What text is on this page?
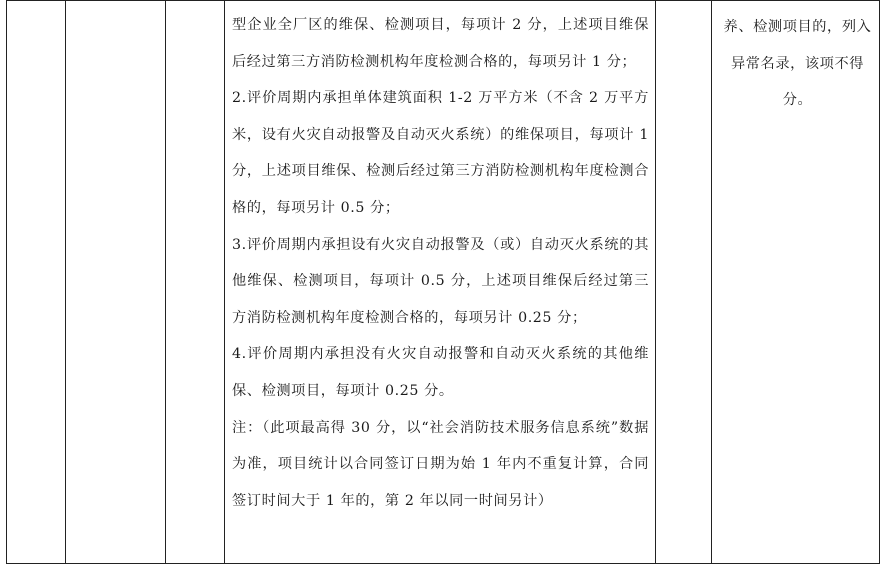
型企业全厂区的维保、检测项目，每项计 2 分，上述项目维保后经过第三方消防检测机构年度检测合格的，每项另计 1 分；

2.评价周期内承担单体建筑面积 1-2 万平方米（不含 2 万平方米，设有火灾自动报警及自动灭火系统）的维保项目，每项计 1 分，上述项目维保、检测后经过第三方消防检测机构年度检测合格的，每项另计 0.5 分；

3.评价周期内承担设有火灾自动报警及（或）自动灭火系统的其他维保、检测项目，每项计 0.5 分，上述项目维保后经过第三方消防检测机构年度检测合格的，每项另计 0.25 分；

4.评价周期内承担没有火灾自动报警和自动灭火系统的其他维保、检测项目，每项计 0.25 分。

注：（此项最高得 30 分，以“社会消防技术服务信息系统”数据为准，项目统计以合同签订日期为始 1 年内不重复计算，合同签订时间大于 1 年的，第 2 年以同一时间另计）

养、检测项目的，列入异常名录，该项不得分。
